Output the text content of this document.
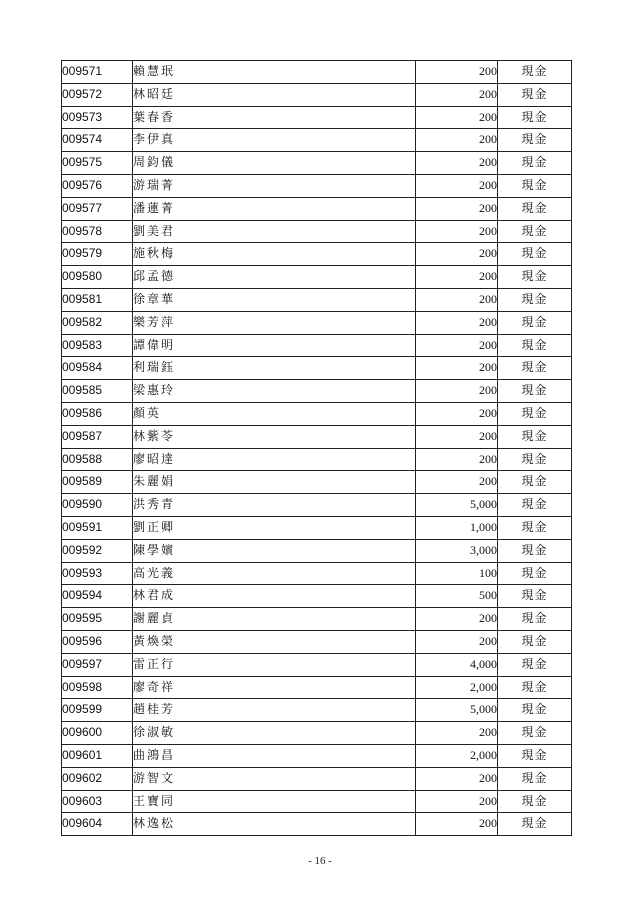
009571	賴慧珉	200	現金
009572	林昭廷	200	現金
009573	葉春香	200	現金
009574	李伊真	200	現金
009575	周鈞儀	200	現金
009576	游瑞菁	200	現金
009577	潘蓮菁	200	現金
009578	劉美君	200	現金
009579	施秋梅	200	現金
009580	邱孟德	200	現金
009581	徐章華	200	現金
009582	樂芳萍	200	現金
009583	譚偉明	200	現金
009584	利瑞鈺	200	現金
009585	梁惠玲	200	現金
009586	顏英	200	現金
009587	林紫苓	200	現金
009588	廖昭達	200	現金
009589	朱麗娟	200	現金
009590	洪秀青	5,000	現金
009591	劉正卿	1,000	現金
009592	陳學嬪	3,000	現金
009593	高光義	100	現金
009594	林君成	500	現金
009595	謝麗貞	200	現金
009596	黃煥榮	200	現金
009597	雷正行	4,000	現金
009598	廖奇祥	2,000	現金
009599	趙桂芳	5,000	現金
009600	徐淑敏	200	現金
009601	曲鴻昌	2,000	現金
009602	游智文	200	現金
009603	王寶同	200	現金
009604	林逸松	200	現金
- 16 -
